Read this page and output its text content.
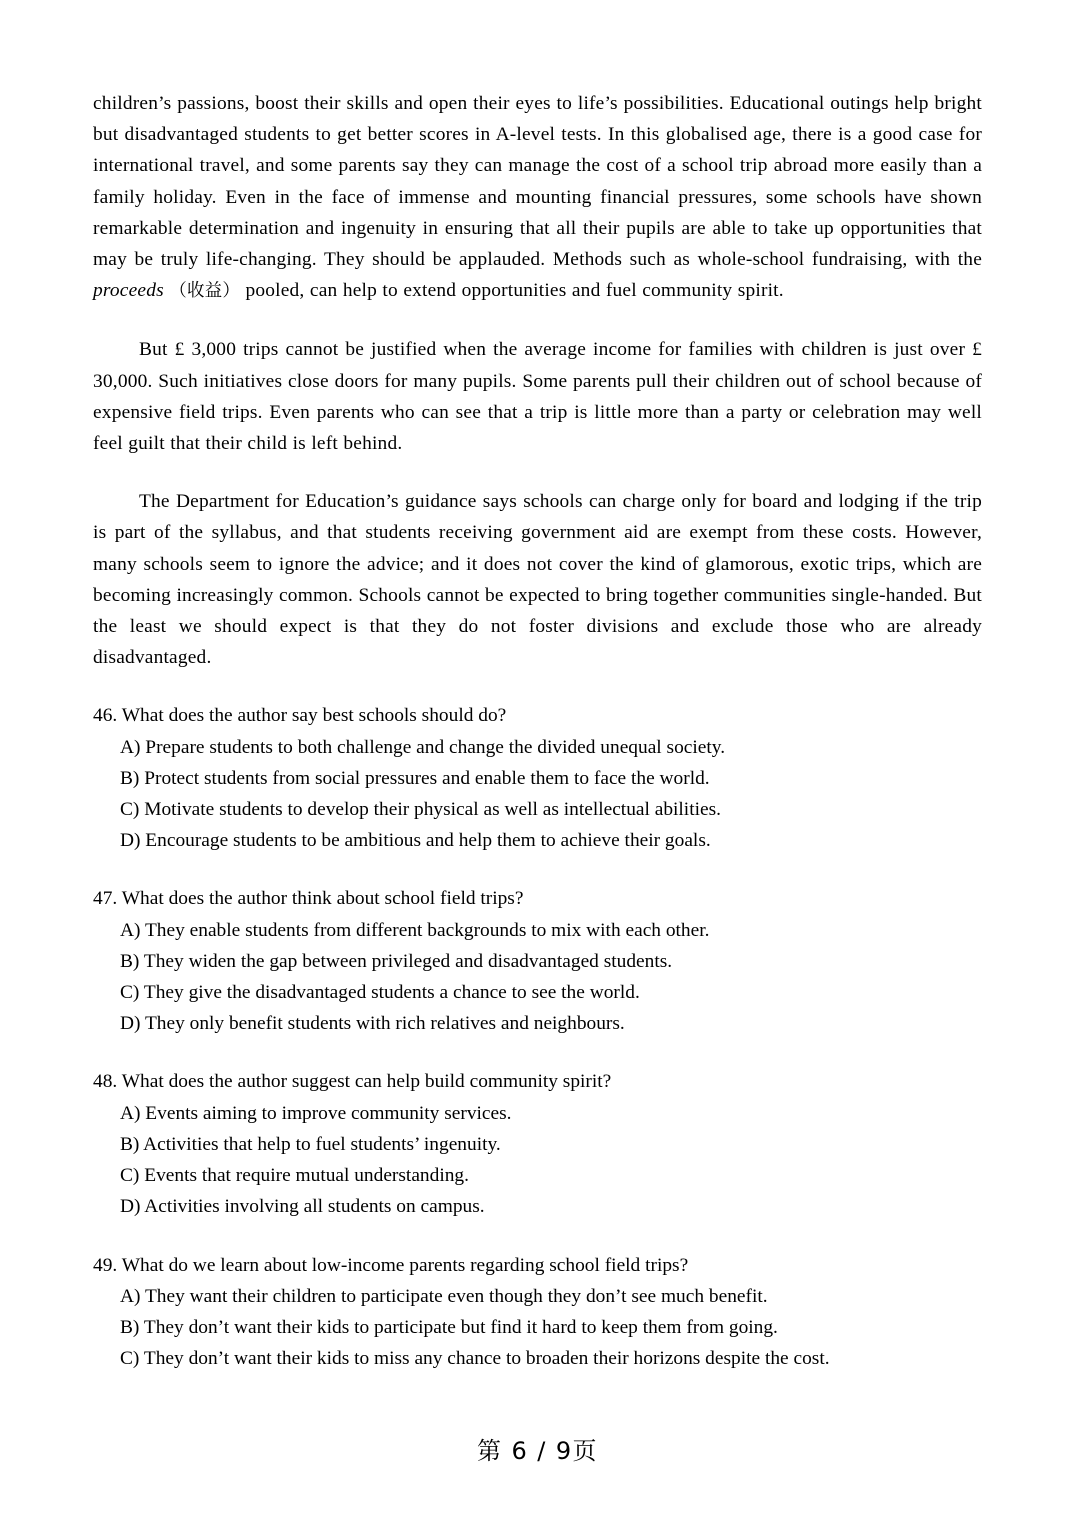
children’s passions, boost their skills and open their eyes to life’s possibilities. Educational outings help bright but disadvantaged students to get better scores in A-level tests. In this globalised age, there is a good case for international travel, and some parents say they can manage the cost of a school trip abroad more easily than a family holiday. Even in the face of immense and mounting financial pressures, some schools have shown remarkable determination and ingenuity in ensuring that all their pupils are able to take up opportunities that may be truly life-changing. They should be applauded. Methods such as whole-school fundraising, with the proceeds （收益） pooled, can help to extend opportunities and fuel community spirit.

But £ 3,000 trips cannot be justified when the average income for families with children is just over £ 30,000. Such initiatives close doors for many pupils. Some parents pull their children out of school because of expensive field trips. Even parents who can see that a trip is little more than a party or celebration may well feel guilt that their child is left behind.

The Department for Education’s guidance says schools can charge only for board and lodging if the trip is part of the syllabus, and that students receiving government aid are exempt from these costs. However, many schools seem to ignore the advice; and it does not cover the kind of glamorous, exotic trips, which are becoming increasingly common. Schools cannot be expected to bring together communities single-handed. But the least we should expect is that they do not foster divisions and exclude those who are already disadvantaged.

46. What does the author say best schools should do?

A) Prepare students to both challenge and change the divided unequal society.

B) Protect students from social pressures and enable them to face the world.

C) Motivate students to develop their physical as well as intellectual abilities.

D) Encourage students to be ambitious and help them to achieve their goals.

47. What does the author think about school field trips?

A) They enable students from different backgrounds to mix with each other.

B) They widen the gap between privileged and disadvantaged students.

C) They give the disadvantaged students a chance to see the world.

D) They only benefit students with rich relatives and neighbours.

48. What does the author suggest can help build community spirit?

A) Events aiming to improve community services.

B) Activities that help to fuel students’ ingenuity.

C) Events that require mutual understanding.

D) Activities involving all students on campus.

49. What do we learn about low-income parents regarding school field trips?

A) They want their children to participate even though they don’t see much benefit.

B) They don’t want their kids to participate but find it hard to keep them from going.

C) They don’t want their kids to miss any chance to broaden their horizons despite the cost.

第 6 / 9页
